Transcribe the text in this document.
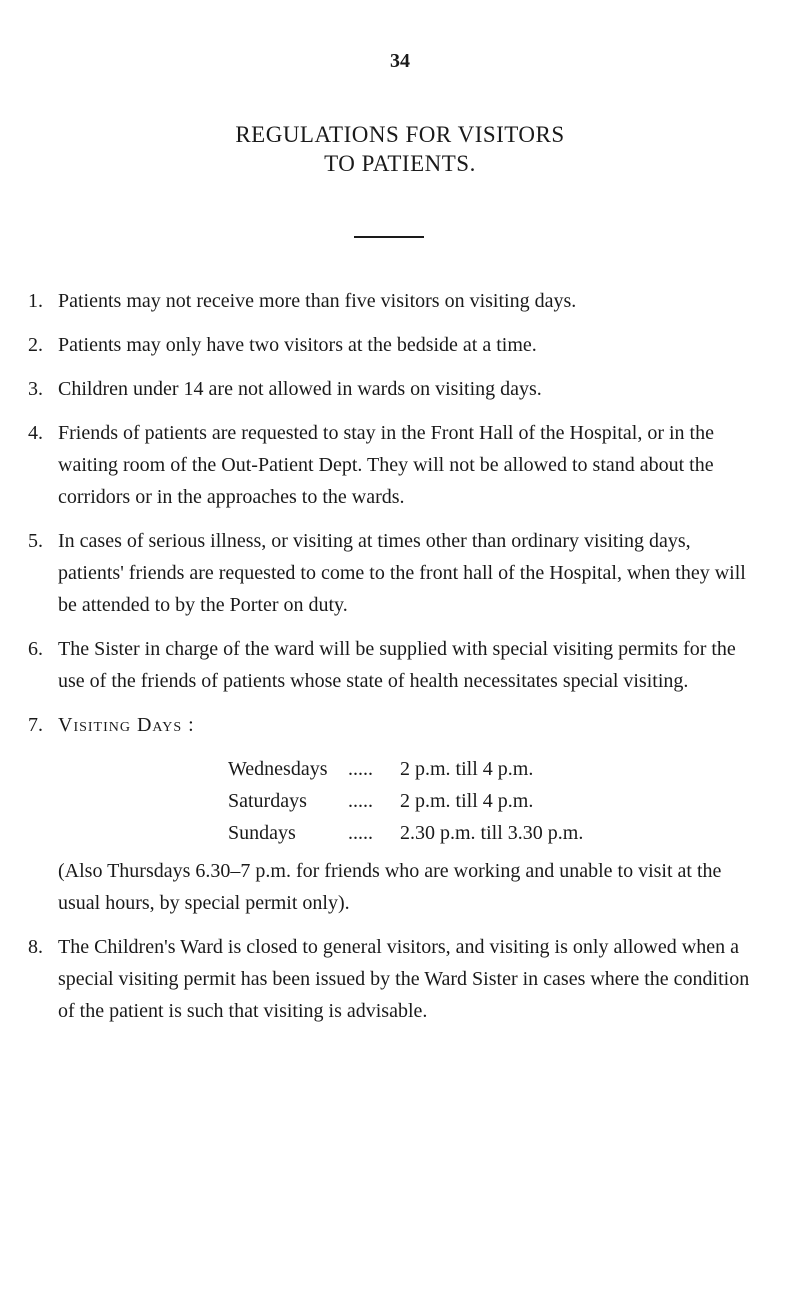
34
REGULATIONS FOR VISITORS
TO PATIENTS.
1. Patients may not receive more than five visitors on visiting days.
2. Patients may only have two visitors at the bedside at a time.
3. Children under 14 are not allowed in wards on visiting days.
4. Friends of patients are requested to stay in the Front Hall of the Hospital, or in the waiting room of the Out-Patient Dept. They will not be allowed to stand about the corridors or in the approaches to the wards.
5. In cases of serious illness, or visiting at times other than ordinary visiting days, patients' friends are requested to come to the front hall of the Hospital, when they will be attended to by the Porter on duty.
6. The Sister in charge of the ward will be supplied with special visiting permits for the use of the friends of patients whose state of health necessitates special visiting.
7. Visiting Days :
Wednesdays	.....	2 p.m. till 4 p.m.
Saturdays	.....	2 p.m. till 4 p.m.
Sundays	.....	2.30 p.m. till 3.30 p.m.
(Also Thursdays 6.30–7 p.m. for friends who are working and unable to visit at the usual hours, by special permit only).
8. The Children's Ward is closed to general visitors, and visiting is only allowed when a special visiting permit has been issued by the Ward Sister in cases where the condition of the patient is such that visiting is advisable.
